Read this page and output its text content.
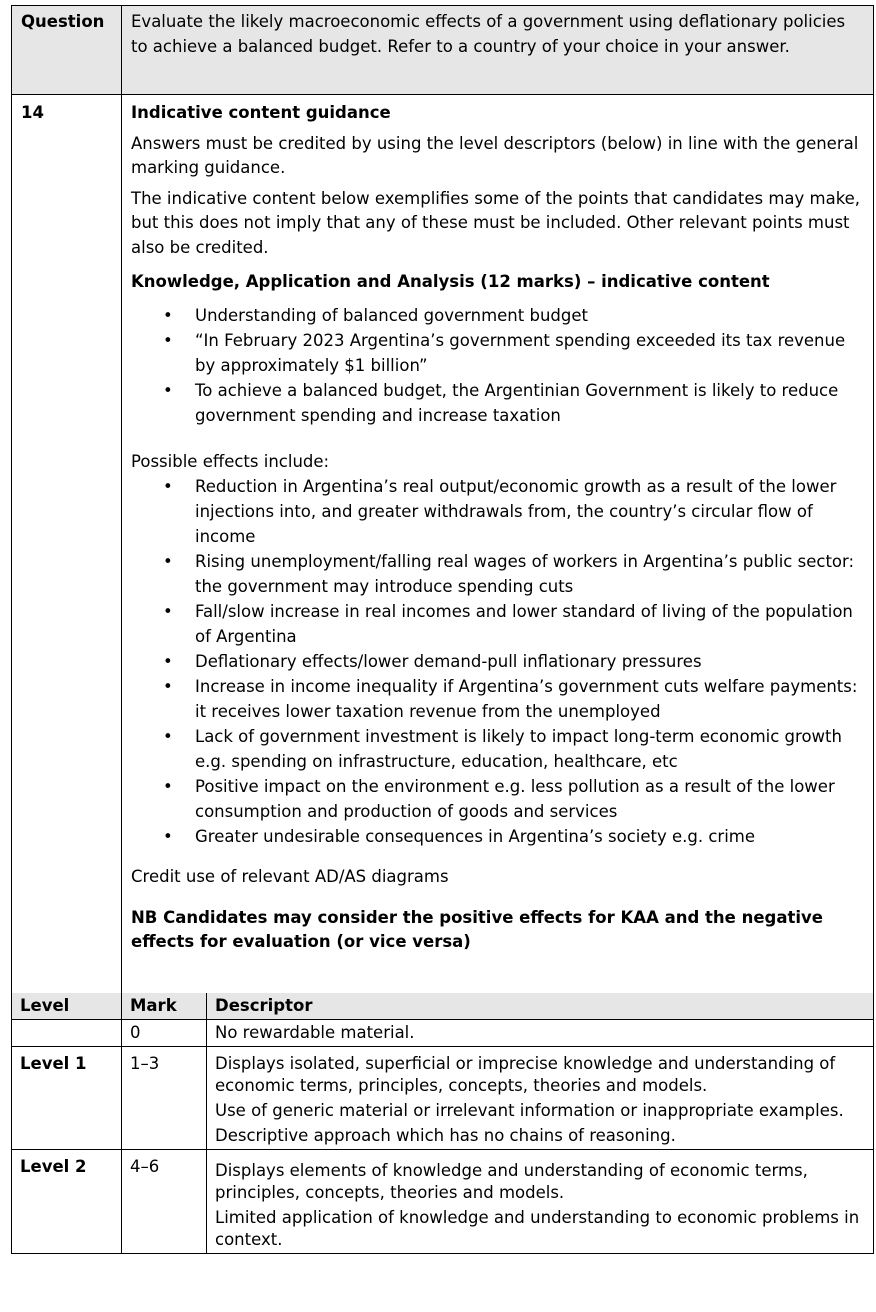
Question	Evaluate the likely macroeconomic effects of a government using deflationary policies to achieve a balanced budget. Refer to a country of your choice in your answer.
14	Indicative content guidance

Answers must be credited by using the level descriptors (below) in line with the general marking guidance.

The indicative content below exemplifies some of the points that candidates may make, but this does not imply that any of these must be included. Other relevant points must also be credited.

Knowledge, Application and Analysis (12 marks) – indicative content

• Understanding of balanced government budget
• “In February 2023 Argentina’s government spending exceeded its tax revenue by approximately $1 billion”
• To achieve a balanced budget, the Argentinian Government is likely to reduce government spending and increase taxation

Possible effects include:

• Reduction in Argentina’s real output/economic growth as a result of the lower injections into, and greater withdrawals from, the country’s circular flow of income
• Rising unemployment/falling real wages of workers in Argentina’s public sector: the government may introduce spending cuts
• Fall/slow increase in real incomes and lower standard of living of the population of Argentina
• Deflationary effects/lower demand-pull inflationary pressures
• Increase in income inequality if Argentina’s government cuts welfare payments: it receives lower taxation revenue from the unemployed
• Lack of government investment is likely to impact long-term economic growth e.g. spending on infrastructure, education, healthcare, etc
• Positive impact on the environment e.g. less pollution as a result of the lower consumption and production of goods and services
• Greater undesirable consequences in Argentina’s society e.g. crime

Credit use of relevant AD/AS diagrams

NB Candidates may consider the positive effects for KAA and the negative effects for evaluation (or vice versa)

Level	Mark	Descriptor
	0	No rewardable material.

Level 1	1–3	Displays isolated, superficial or imprecise knowledge and understanding of economic terms, principles, concepts, theories and models.
Use of generic material or irrelevant information or inappropriate examples.
Descriptive approach which has no chains of reasoning.

Level 2	4–6	Displays elements of knowledge and understanding of economic terms, principles, concepts, theories and models.
Limited application of knowledge and understanding to economic problems in context.
